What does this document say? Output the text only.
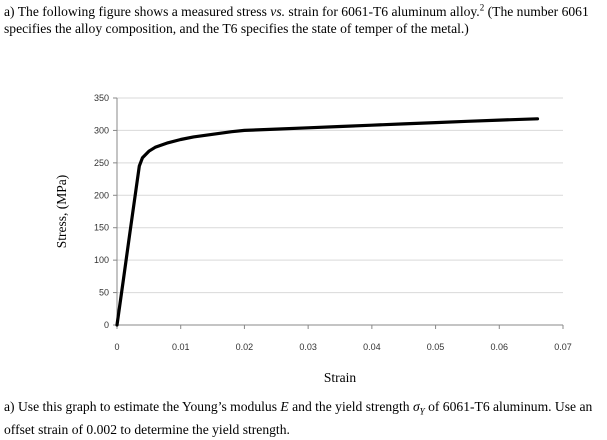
a) The following figure shows a measured stress vs. strain for 6061-T6 aluminum alloy.$^2$ (The number 6061 specifies the alloy composition, and the T6 specifies the state of temper of the metal.)
0
50
100
150
200
250
300
350
0	0.01	0.02	0.03	0.04	0.05	0.06	0.07
Strain
Stress, (MPa)
a) Use this graph to estimate the Young’s modulus E and the yield strength $\sigma_Y$ of 6061-T6 aluminum. Use an offset strain of 0.002 to determine the yield strength.
